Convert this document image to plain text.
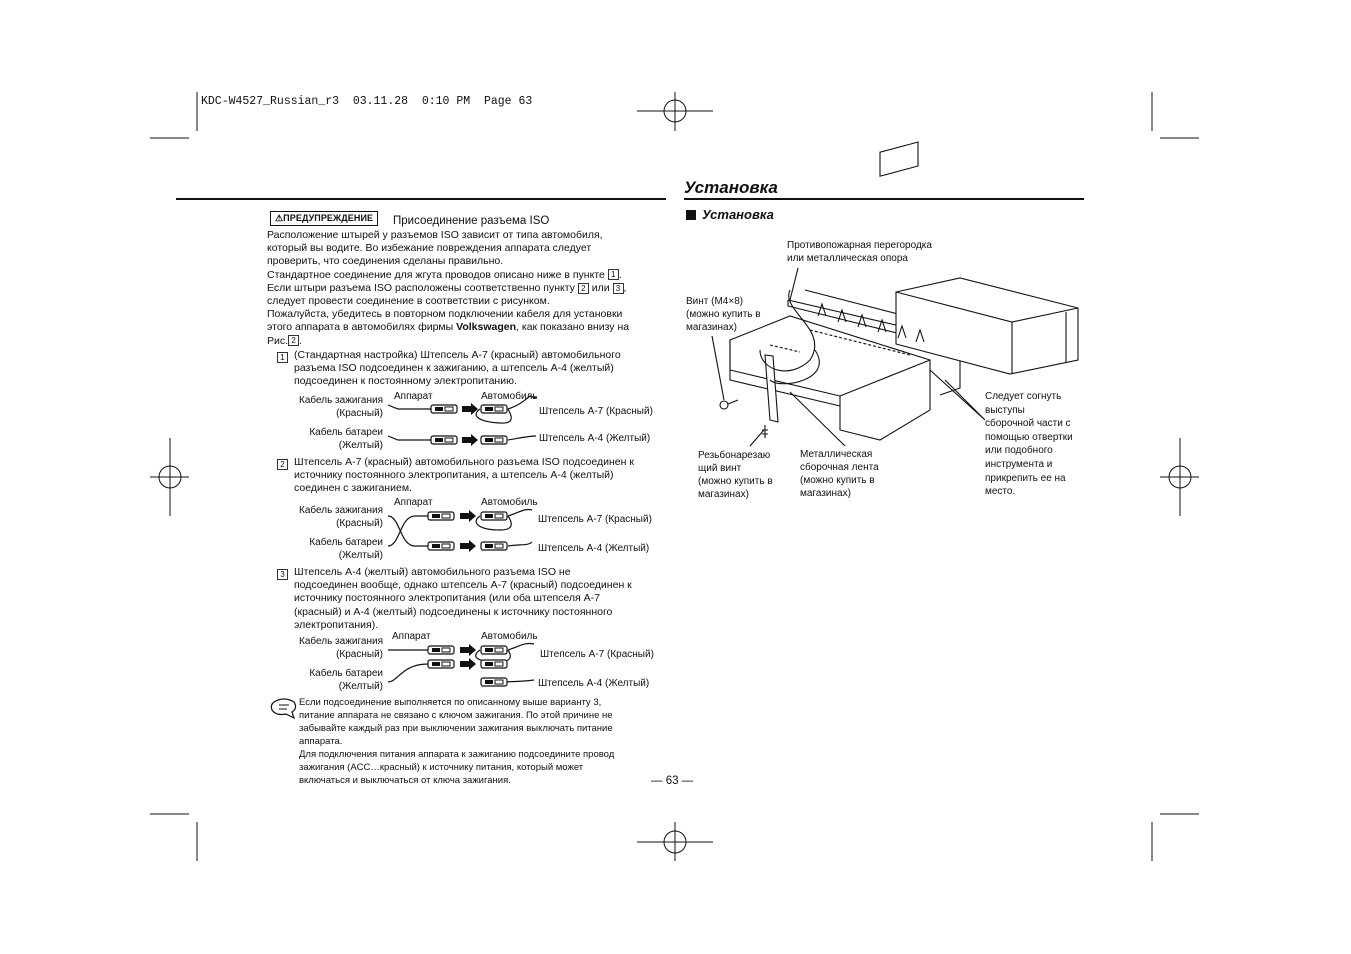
KDC-W4527_Russian_r3  03.11.28  0:10 PM  Page 63
Установка
Установка
⚠ПРЕДУПРЕЖДЕНИЕ	Присоединение разъема ISO
Расположение штырей у разъемов ISO зависит от типа автомобиля,
который вы водите. Во избежание повреждения аппарата следует
проверить, что соединения сделаны правильно.
Стандартное соединение для жгута проводов описано ниже в пункте 1 .
Если штыри разъема ISO расположены соответственно пункту 2 или 3 ,
следует провести соединение в соответствии с рисунком.
Пожалуйста, убедитесь в повторном подключении кабеля для установки
этого аппарата в автомобилях фирмы Volkswagen, как показано внизу на
Рис. 2 .
1 (Стандартная настройка) Штепсель A-7 (красный) автомобильного
разъема ISO подсоединен к зажиганию, а штепсель A-4 (желтый)
подсоединен к постоянному электропитанию.
2 Штепсель A-7 (красный) автомобильного разъема ISO подсоединен к
источнику постоянного электропитания, а штепсель A-4 (желтый)
соединен с зажиганием.
3 Штепсель A-4 (желтый) автомобильного разъема ISO не
подсоединен вообще, однако штепсель A-7 (красный) подсоединен к
источнику постоянного электропитания (или оба штепселя A-7
(красный) и A-4 (желтый) подсоединены к источнику постоянного
электропитания).
Аппарат	Автомобиль
Кабель зажигания
(Красный)
Кабель батареи
(Желтый)
Штепсель A-7 (Красный)
Штепсель A-4 (Желтый)
Аппарат	Автомобиль
Кабель зажигания
(Красный)
Кабель батареи
(Желтый)
Штепсель A-7 (Красный)
Штепсель A-4 (Желтый)
Аппарат	Автомобиль
Кабель зажигания
(Красный)
Кабель батареи
(Желтый)
Штепсель A-7 (Красный)
Штепсель A-4 (Желтый)
Если подсоединение выполняется по описанному выше варианту 3,
питание аппарата не связано с ключом зажигания. По этой причине не
забывайте каждый раз при выключении зажигания выключать питание
аппарата.
Для подключения питания аппарата к зажиганию подсоедините провод
зажигания (ACC…красный) к источнику питания, который может
включаться и выключаться от ключа зажигания.	— 63 —
Противопожарная перегородка
или металлическая опора
Винт (M4×8)
(можно купить в
магазинах)
Резьбонарезаю
щий винт
(можно купить в
магазинах)
Металлическая
сборочная лента
(можно купить в
магазинах)
Следует согнуть
выступы
сборочной части с
помощью отвертки
или подобного
инструмента и
прикрепить ее на
место.
